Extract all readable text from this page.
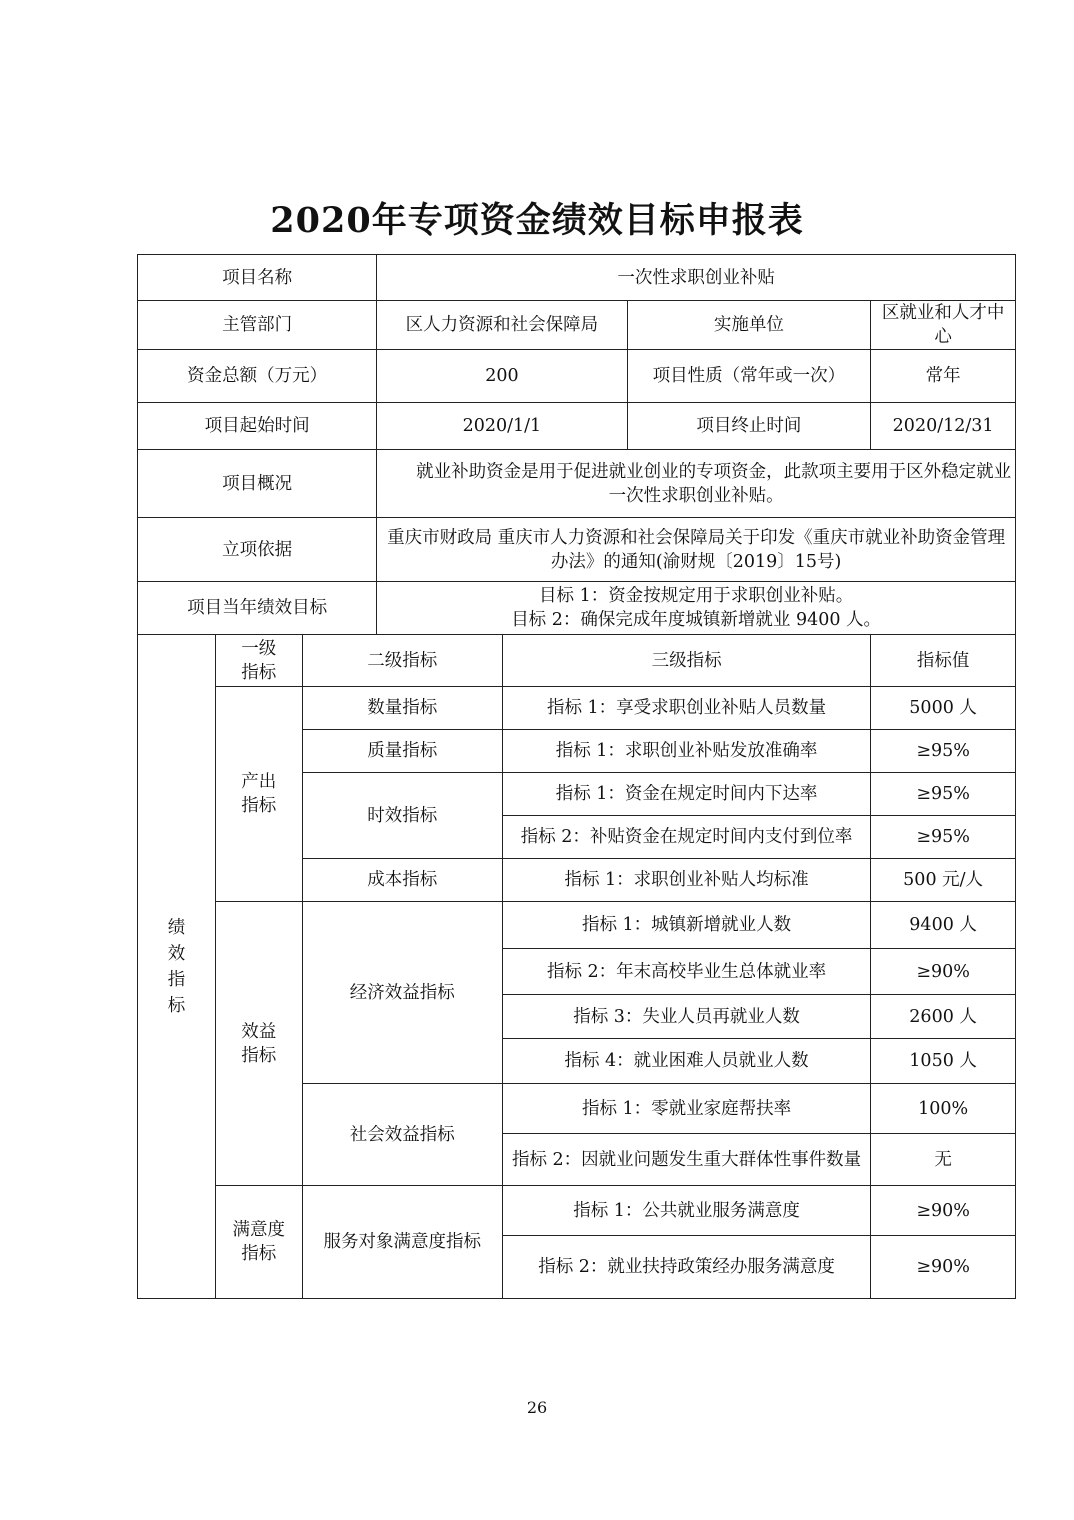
2020年专项资金绩效目标申报表
项目名称			一次性求职创业补贴			
主管部门			区人力资源和社会保障局		实施单位	区就业和人才中心
资金总额（万元）			200		项目性质（常年或一次）	常年
项目起始时间			2020/1/1		项目终止时间	2020/12/31
项目概况			就业补助资金是用于促进就业创业的专项资金，此款项主要用于区外稳定就业一次性求职创业补贴。			
立项依据			重庆市财政局 重庆市人力资源和社会保障局关于印发《重庆市就业补助资金管理办法》的通知(渝财规〔2019〕15号)			
项目当年绩效目标			目标 1：资金按规定用于求职创业补贴。
目标 2：确保完成年度城镇新增就业 9400 人。			

绩效指标	一级指标	二级指标		三级指标		指标值

	产出指标	数量指标		指标 1：享受求职创业补贴人员数量		5000 人
		质量指标		指标 1：求职创业补贴发放准确率		≥95%
		时效指标		指标 1：资金在规定时间内下达率		≥95%
				指标 2：补贴资金在规定时间内支付到位率		≥95%
		成本指标		指标 1：求职创业补贴人均标准		500 元/人

	效益指标	经济效益指标		指标 1：城镇新增就业人数		9400 人
				指标 2：年末高校毕业生总体就业率		≥90%
				指标 3：失业人员再就业人数		2600 人
				指标 4：就业困难人员就业人数		1050 人
		社会效益指标		指标 1：零就业家庭帮扶率		100%
				指标 2：因就业问题发生重大群体性事件数量		无

	满意度指标	服务对象满意度指标		指标 1：公共就业服务满意度		≥90%
				指标 2：就业扶持政策经办服务满意度		≥90%
26
